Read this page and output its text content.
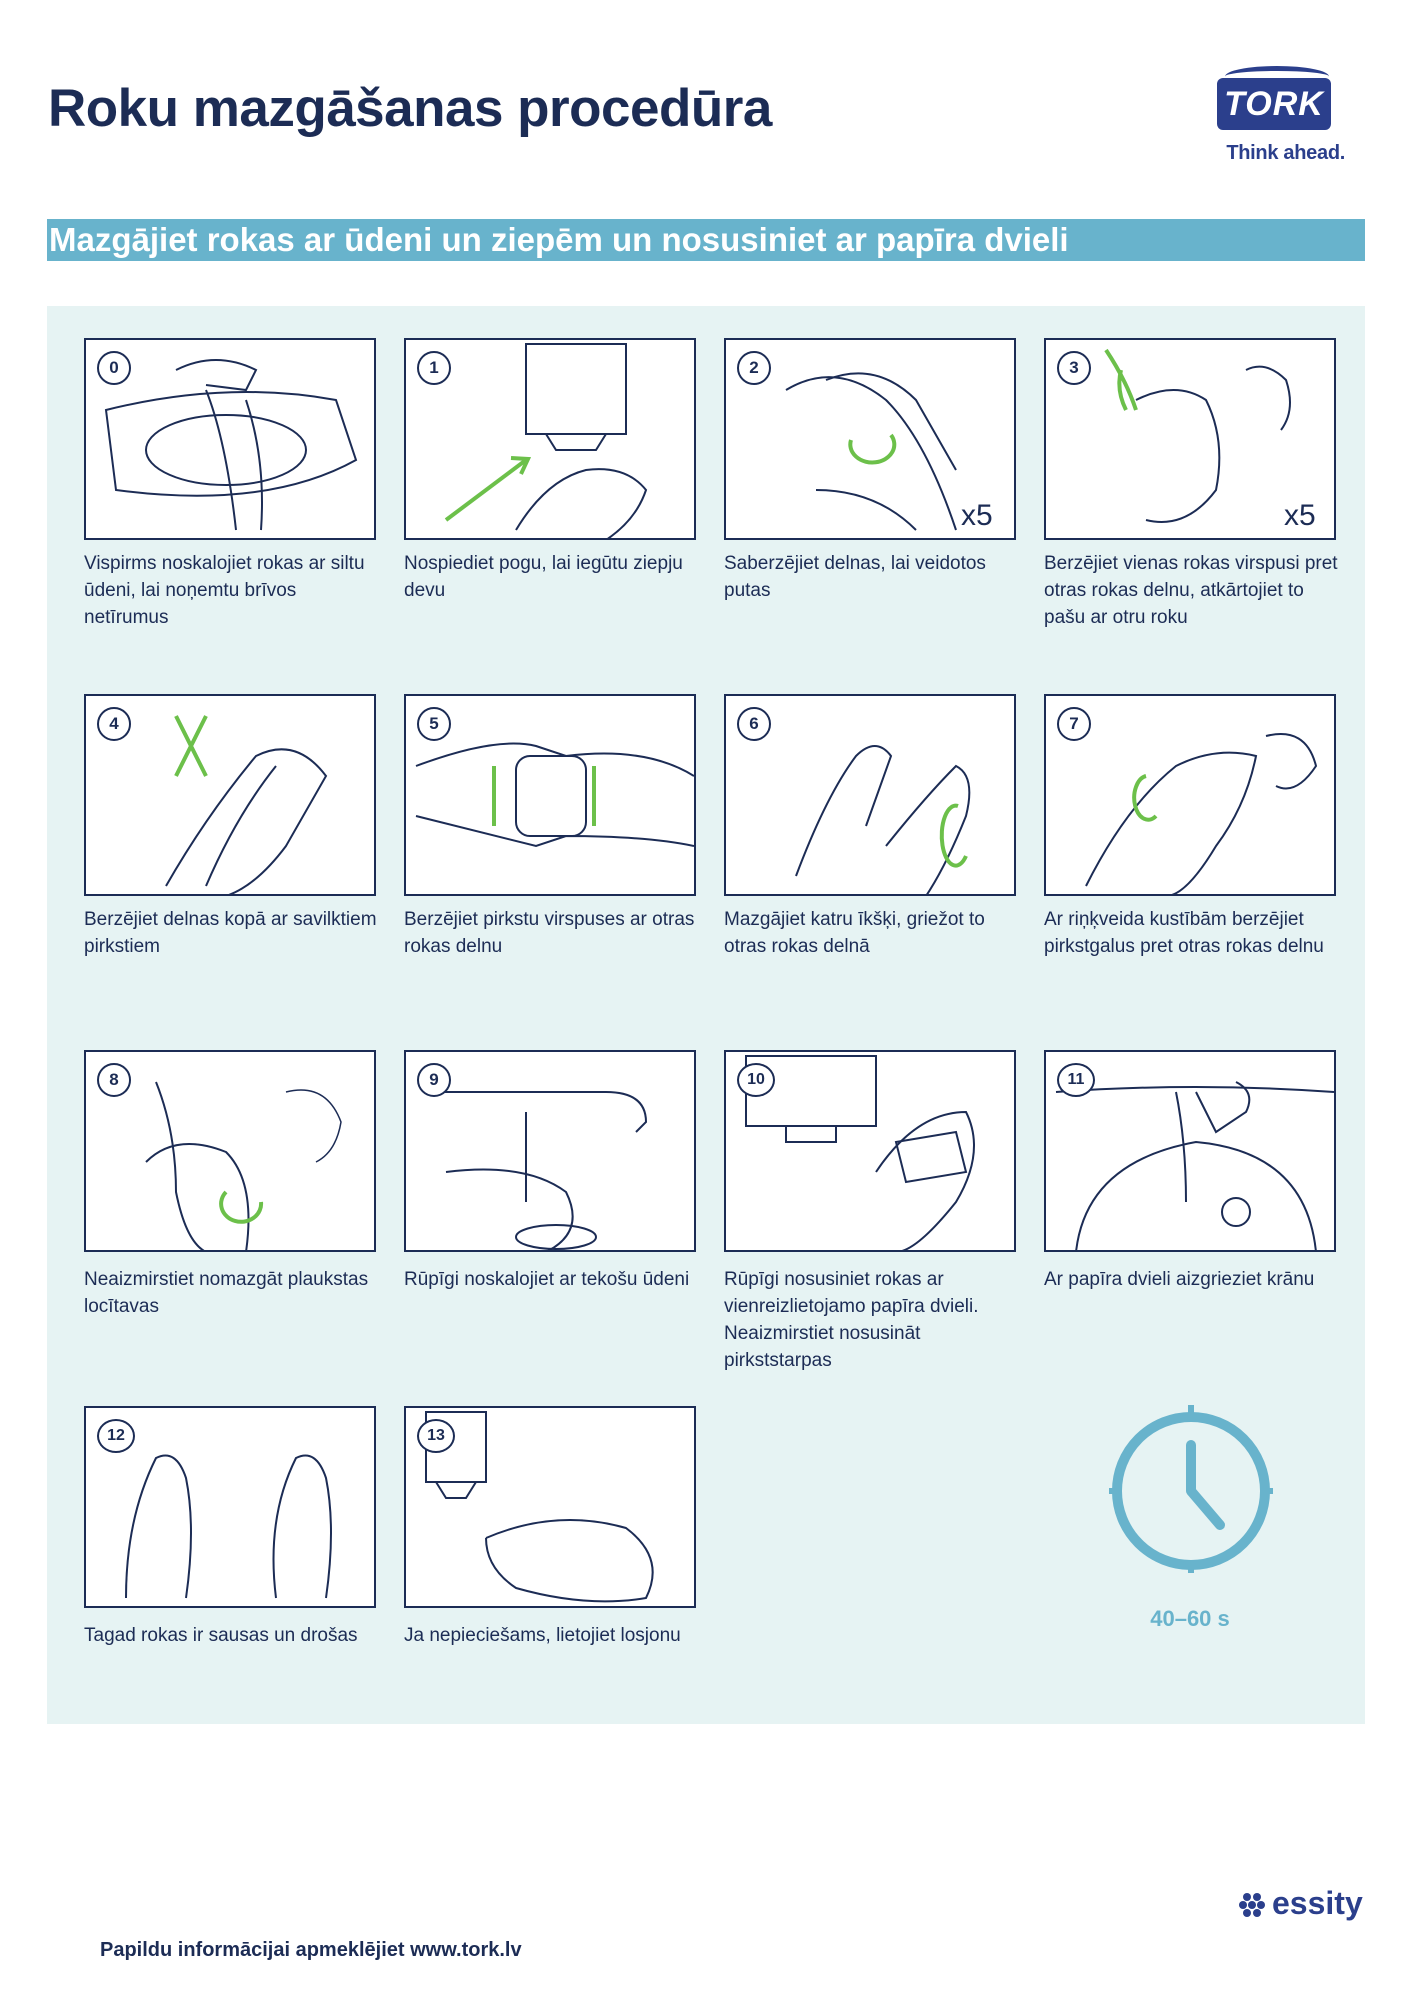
Roku mazgāšanas procedūra	TORK
Think ahead.
Mazgājiet rokas ar ūdeni un ziepēm un nosusiniet ar papīra dvieli
0
Vispirms noskalojiet rokas ar siltu ūdeni, lai noņemtu brīvos netīrumus
1
Nospiediet pogu, lai iegūtu ziepju devu
x5
2
Saberzējiet delnas, lai veidotos putas
x5
3
Berzējiet vienas rokas virspusi pret otras rokas delnu, atkārtojiet to pašu ar otru roku
4
Berzējiet delnas kopā ar savilktiem pirkstiem
5
Berzējiet pirkstu virspuses ar otras rokas delnu
6
Mazgājiet katru īkšķi, griežot to otras rokas delnā
7
Ar riņķveida kustībām berzējiet pirkstgalus pret otras rokas delnu
8
Neaizmirstiet nomazgāt plaukstas locītavas
9
Rūpīgi noskalojiet ar tekošu ūdeni
10
Rūpīgi nosusiniet rokas ar vienreizlietojamo papīra dvieli. Neaizmirstiet nosusināt pirkststarpas
11
Ar papīra dvieli aizgrieziet krānu
12
Tagad rokas ir sausas un drošas
13
Ja nepieciešams, lietojiet losjonu
40–60 s
essity
Papildu informācijai apmeklējiet www.tork.lv
